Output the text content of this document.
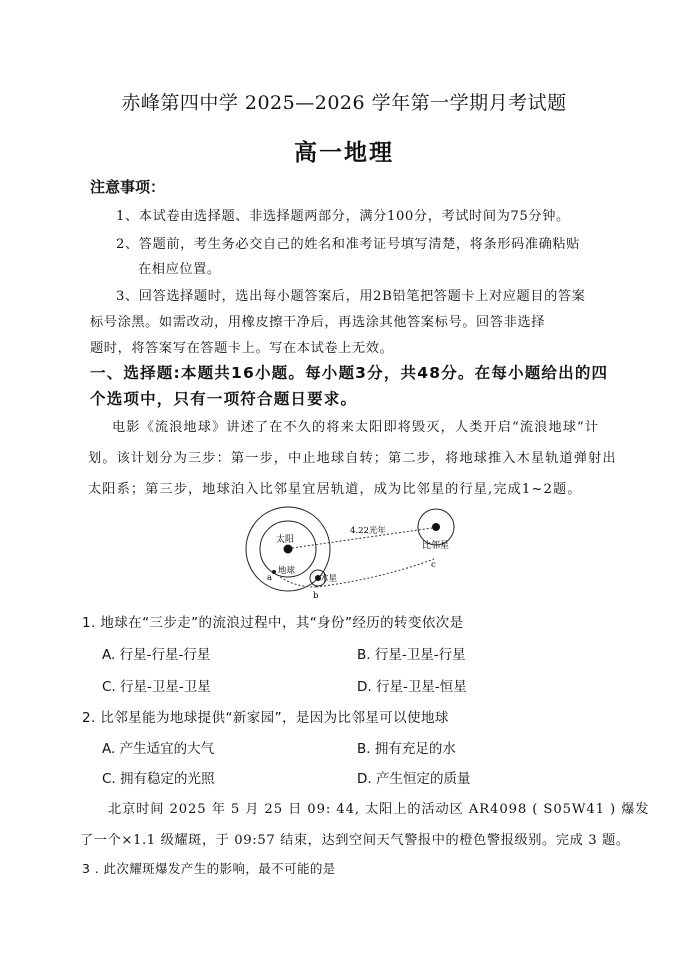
赤峰第四中学 2025—2026 学年第一学期月考试题
高一地理
注意事项：
1、本试卷由选择题、非选择题两部分，满分100分，考试时间为75分钟。
2、答题前，考生务必交自己的姓名和准考证号填写清楚，将条形码准确粘贴
在相应位置。
3、回答选择题时，选出每小题答案后，用2B铅笔把答题卡上对应题目的答案
标号涂黑。如需改动，用橡皮擦干净后，再选涂其他答案标号。回答非选择
题时，将答案写在答题卡上。写在本试卷上无效。
一、选择题:本题共16小题。每小题3分，共48分。在每小题给出的四
个选项中，只有一项符合题日要求。
电影《流浪地球》讲述了在不久的将来太阳即将毁灭，人类开启“流浪地球”计
划。该计划分为三步：第一步，中止地球自转；第二步，将地球推入木星轨道弹射出
太阳系；第三步，地球泊入比邻星宜居轨道，成为比邻星的行星,完成1~2题。
太阳
比邻星
4.22光年
木星
地球
a
b
c
1. 地球在“三步走”的流浪过程中，其“身份”经历的转变依次是
A. 行星-行星-行星	B. 行星-卫星-行星
C. 行星-卫星-卫星	D. 行星-卫星-恒星
2. 比邻星能为地球提供“新家园”，是因为比邻星可以使地球
A. 产生适宜的大气	B. 拥有充足的水
C. 拥有稳定的光照	D. 产生恒定的质量
北京时间 2025 年 5 月 25 日 09: 44, 太阳上的活动区 AR4098 ( S05W41 ) 爆发
了一个×1.1 级耀斑，于 09:57 结束，达到空间天气警报中的橙色警报级别。完成 3 题。
3 . 此次耀斑爆发产生的影响，最不可能的是
